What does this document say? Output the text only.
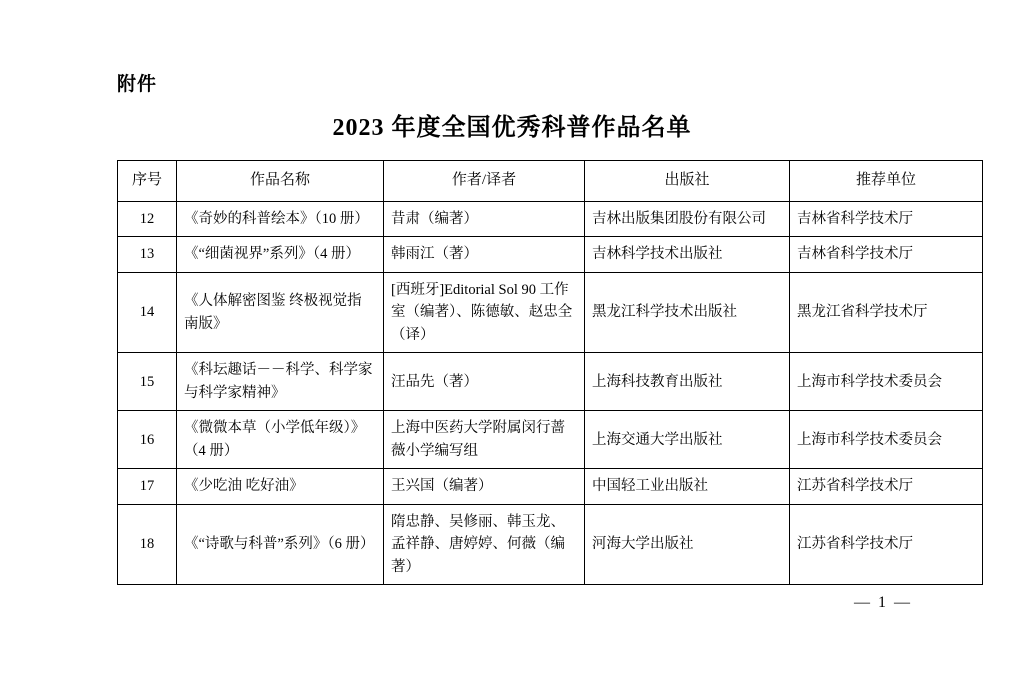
附件
2023 年度全国优秀科普作品名单
序号	作品名称	作者/译者	出版社	推荐单位
12	《奇妙的科普绘本》（10 册）	昔肃（编著）	吉林出版集团股份有限公司	吉林省科学技术厅
13	《“细菌视界”系列》（4 册）	韩雨江（著）	吉林科学技术出版社	吉林省科学技术厅
14	《人体解密图鉴 终极视觉指南版》	[西班牙]Editorial Sol 90 工作室（编著）、陈德敏、赵忠全（译）	黑龙江科学技术出版社	黑龙江省科学技术厅
15	《科坛趣话－－科学、科学家与科学家精神》	汪品先（著）	上海科技教育出版社	上海市科学技术委员会
16	《微微本草（小学低年级）》（4 册）	上海中医药大学附属闵行蔷薇小学编写组	上海交通大学出版社	上海市科学技术委员会
17	《少吃油 吃好油》	王兴国（编著）	中国轻工业出版社	江苏省科学技术厅
18	《“诗歌与科普”系列》（6 册）	隋忠静、吴修丽、韩玉龙、孟祥静、唐婷婷、何薇（编著）	河海大学出版社	江苏省科学技术厅
— 1 —
